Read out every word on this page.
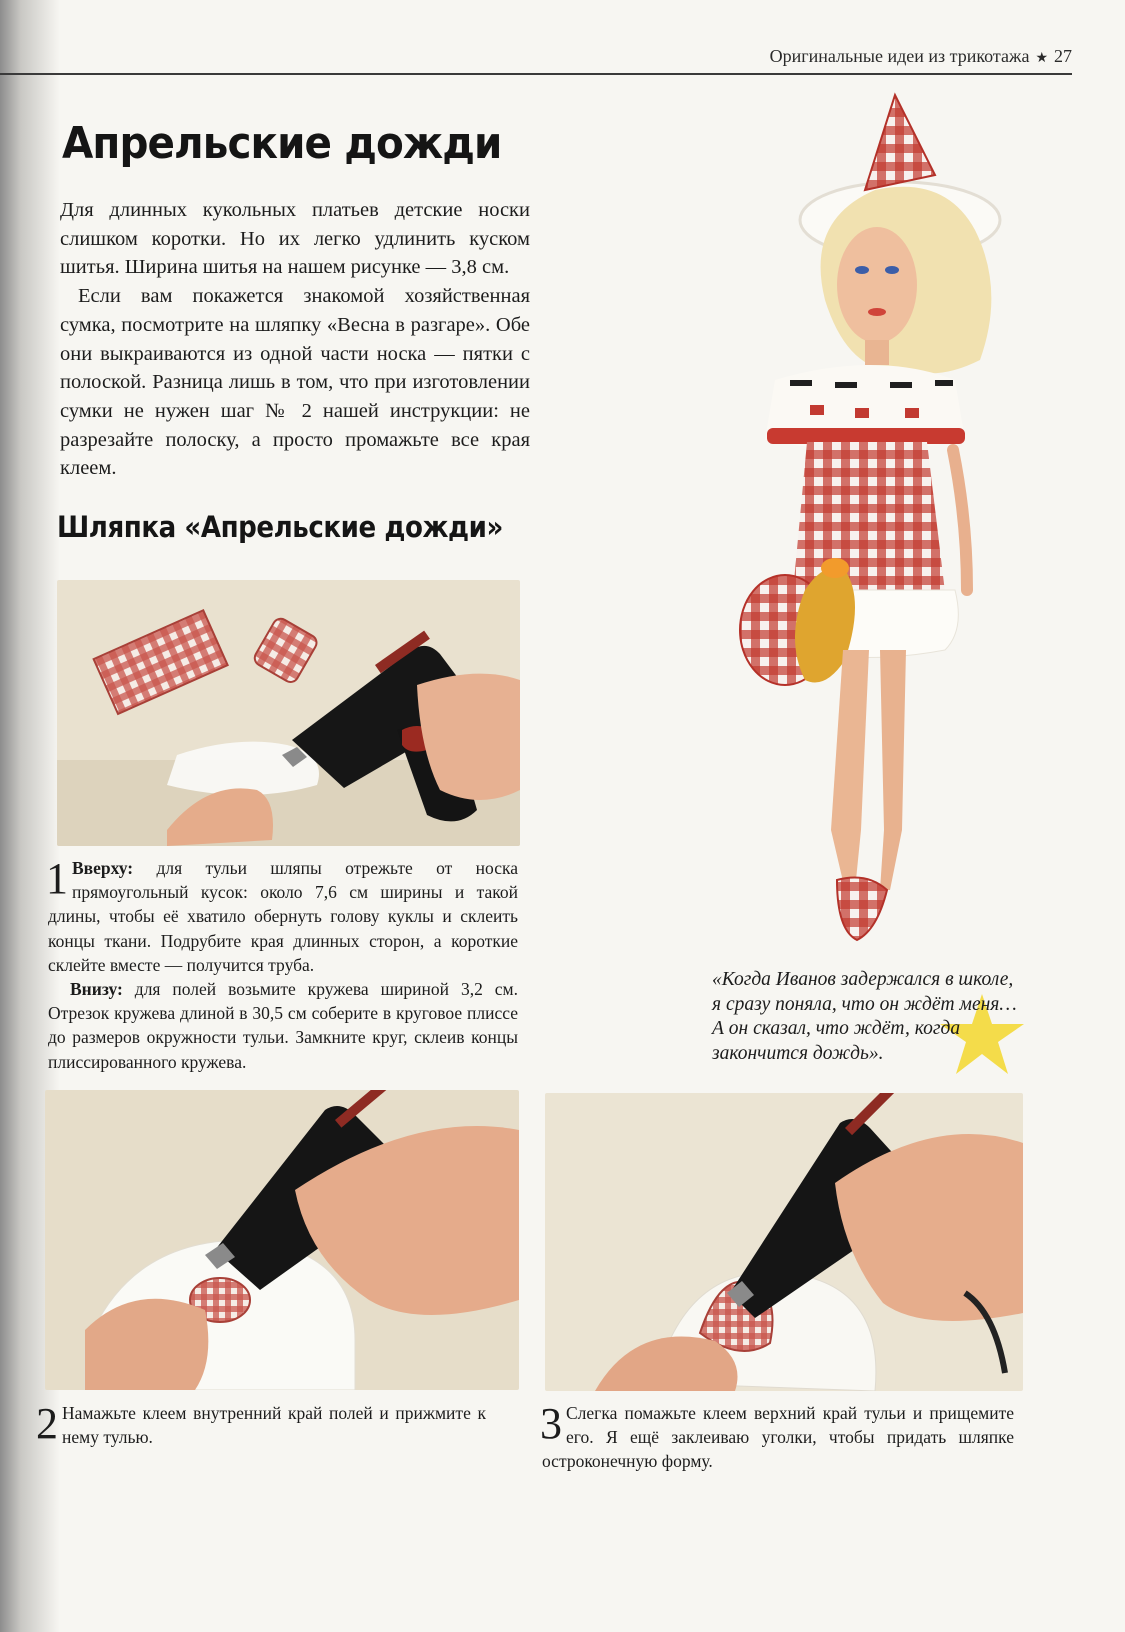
Оригинальные идеи из трикотажа ★ 27
Апрельские дожди

Для длинных кукольных платьев детские носки слишком коротки. Но их легко удлинить куском шитья. Ширина шитья на нашем рисунке — 3,8 см.

Если вам покажется знакомой хозяйственная сумка, посмотрите на шляпку «Весна в разгаре». Обе они выкраиваются из одной части носка — пятки с полоской. Разница лишь в том, что при изготовлении сумки не нужен шаг № 2 нашей инструкции: не разрезайте полоску, а просто промажьте все края клеем.

Шляпка «Апрельские дожди»

1 Вверху: для тульи шляпы отрежьте от носка прямоугольный кусок: около 7,6 см ширины и такой длины, чтобы её хватило обернуть голову куклы и склеить концы ткани. Подрубите края длинных сторон, а короткие склейте вместе — получится труба.

Внизу: для полей возьмите кружева шириной 3,2 см. Отрезок кружева длиной в 30,5 см соберите в круговое плиссе до размеров окружности тульи. Замкните круг, склеив концы плиссированного кружева.

«Когда Иванов задержался в школе, я сразу поняла, что он ждёт меня… А он сказал, что ждёт, когда закончится дождь».

2 Намажьте клеем внутренний край полей и прижмите к нему тулью.	3 Слегка помажьте клеем верхний край тульи и прищемите его. Я ещё заклеиваю уголки, чтобы придать шляпке остроконечную форму.
